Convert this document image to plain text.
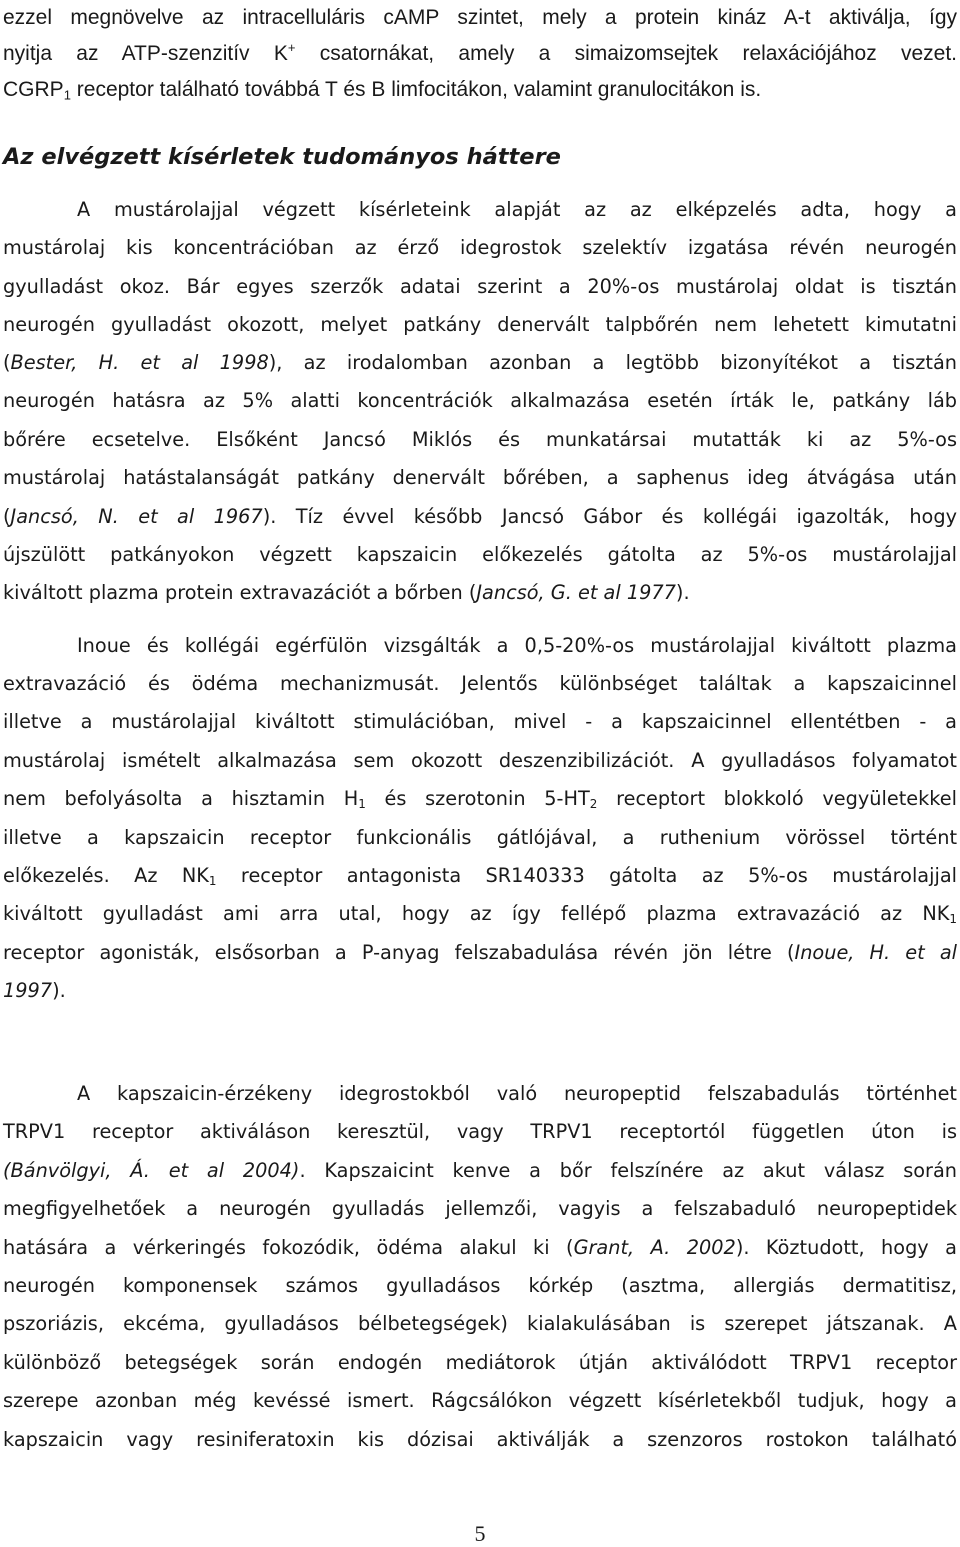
ezzel megnövelve az intracelluláris cAMP szintet, mely a protein kináz A-t aktiválja, így
nyitja az ATP-szenzitív K+ csatornákat, amely a simaizomsejtek relaxációjához vezet.
$CGRP_1$ receptor található továbbá T és B limfocitákon, valamint granulocitákon is.
Az elvégzett kísérletek tudományos háttere
A mustárolajjal végzett kísérleteink alapját az az elképzelés adta, hogy a
mustárolaj kis koncentrációban az érző idegrostok szelektív izgatása révén neurogén
gyulladást okoz. Bár egyes szerzők adatai szerint a 20%-os mustárolaj oldat is tisztán
neurogén gyulladást okozott, melyet patkány denervált talpbőrén nem lehetett kimutatni
(Bester, H. et al 1998), az irodalomban azonban a legtöbb bizonyítékot a tisztán
neurogén hatásra az 5% alatti koncentrációk alkalmazása esetén írták le, patkány láb
bőrére ecsetelve. Elsőként Jancsó Miklós és munkatársai mutatták ki az 5%-os
mustárolaj hatástalanságát patkány denervált bőrében, a saphenus ideg átvágása után
(Jancsó, N. et al 1967). Tíz évvel később Jancsó Gábor és kollégái igazolták, hogy
újszülött patkányokon végzett kapszaicin előkezelés gátolta az 5%-os mustárolajjal
kiváltott plazma protein extravazációt a bőrben (Jancsó, G. et al 1977).
Inoue és kollégái egérfülön vizsgálták a 0,5-20%-os mustárolajjal kiváltott plazma
extravazáció és ödéma mechanizmusát. Jelentős különbséget találtak a kapszaicinnel
illetve a mustárolajjal kiváltott stimulációban, mivel - a kapszaicinnel ellentétben - a
mustárolaj ismételt alkalmazása sem okozott deszenzibilizációt. A gyulladásos folyamatot
nem befolyásolta a hisztamin $H_1$ és szerotonin $5-HT_2$ receptort blokkoló vegyületekkel
illetve a kapszaicin receptor funkcionális gátlójával, a ruthenium vörössel történt
előkezelés. Az $NK_1$ receptor antagonista SR140333 gátolta az 5%-os mustárolajjal
kiváltott gyulladást ami arra utal, hogy az így fellépő plazma extravazáció az $NK_1$
receptor agonisták, elsősorban a P-anyag felszabadulása révén jön létre (Inoue, H. et al
1997).
A kapszaicin-érzékeny idegrostokból való neuropeptid felszabadulás történhet
TRPV1 receptor aktiváláson keresztül, vagy TRPV1 receptortól független úton is
(Bánvölgyi, Á. et al 2004). Kapszaicint kenve a bőr felszínére az akut válasz során
megfigyelhetőek a neurogén gyulladás jellemzői, vagyis a felszabaduló neuropeptidek
hatására a vérkeringés fokozódik, ödéma alakul ki (Grant, A. 2002). Köztudott, hogy a
neurogén komponensek számos gyulladásos kórkép (asztma, allergiás dermatitisz,
pszoriázis, ekcéma, gyulladásos bélbetegségek) kialakulásában is szerepet játszanak. A
különböző betegségek során endogén mediátorok útján aktiválódott TRPV1 receptor
szerepe azonban még kevéssé ismert. Rágcsálókon végzett kísérletekből tudjuk, hogy a
kapszaicin vagy resiniferatoxin kis dózisai aktiválják a szenzoros rostokon található
5
